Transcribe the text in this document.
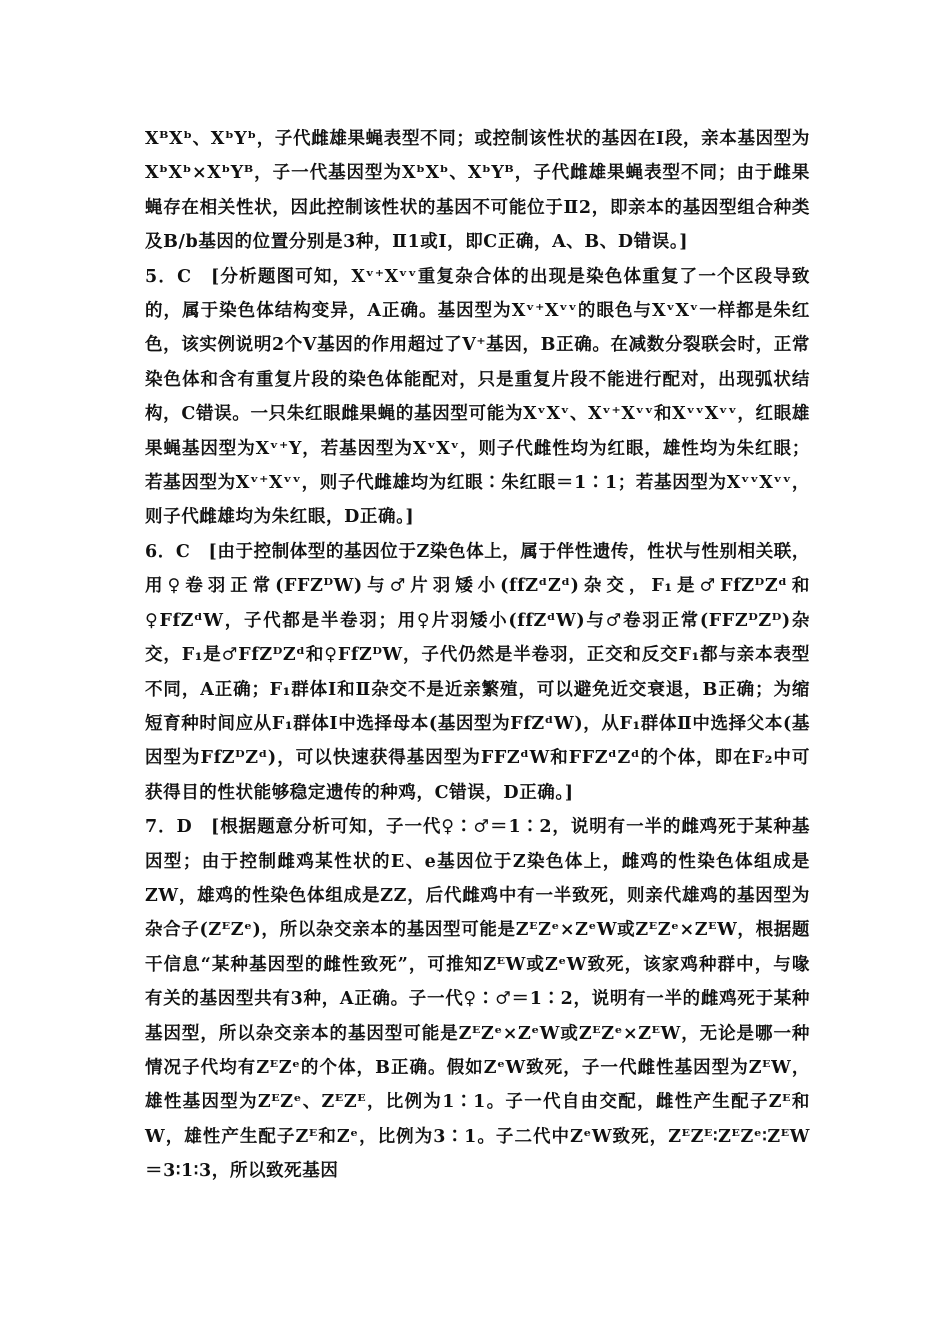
XᴮXᵇ、XᵇYᵇ，子代雌雄果蝇表型不同；或控制该性状的基因在Ⅰ段，亲本基因型为XᵇXᵇ×XᵇYᴮ，子一代基因型为XᵇXᵇ、XᵇYᴮ，子代雌雄果蝇表型不同；由于雌果蝇存在相关性状，因此控制该性状的基因不可能位于Ⅱ2，即亲本的基因型组合种类及B/b基因的位置分别是3种，Ⅱ1或Ⅰ，即C正确，A、B、D错误。]

5．C　[分析题图可知，Xᵛ⁺Xᵛᵛ重复杂合体的出现是染色体重复了一个区段导致的，属于染色体结构变异，A正确。基因型为Xᵛ⁺Xᵛᵛ的眼色与XᵛXᵛ一样都是朱红色，该实例说明2个V基因的作用超过了V⁺基因，B正确。在减数分裂联会时，正常染色体和含有重复片段的染色体能配对，只是重复片段不能进行配对，出现弧状结构，C错误。一只朱红眼雌果蝇的基因型可能为XᵛXᵛ、Xᵛ⁺Xᵛᵛ和XᵛᵛXᵛᵛ，红眼雄果蝇基因型为Xᵛ⁺Y，若基因型为XᵛXᵛ，则子代雌性均为红眼，雄性均为朱红眼；若基因型为Xᵛ⁺Xᵛᵛ，则子代雌雄均为红眼∶朱红眼＝1∶1；若基因型为XᵛᵛXᵛᵛ，则子代雌雄均为朱红眼，D正确。]

6．C　[由于控制体型的基因位于Z染色体上，属于伴性遗传，性状与性别相关联，用♀卷羽正常(FFZᴰW)与♂片羽矮小(ffZᵈZᵈ)杂交，F₁是♂FfZᴰZᵈ和♀FfZᵈW，子代都是半卷羽；用♀片羽矮小(ffZᵈW)与♂卷羽正常(FFZᴰZᴰ)杂交，F₁是♂FfZᴰZᵈ和♀FfZᴰW，子代仍然是半卷羽，正交和反交F₁都与亲本表型不同，A正确；F₁群体Ⅰ和Ⅱ杂交不是近亲繁殖，可以避免近交衰退，B正确；为缩短育种时间应从F₁群体Ⅰ中选择母本(基因型为FfZᵈW)，从F₁群体Ⅱ中选择父本(基因型为FfZᴰZᵈ)，可以快速获得基因型为FFZᵈW和FFZᵈZᵈ的个体，即在F₂中可获得目的性状能够稳定遗传的种鸡，C错误，D正确。]

7．D　[根据题意分析可知，子一代♀∶♂＝1∶2，说明有一半的雌鸡死于某种基因型；由于控制雌鸡某性状的E、e基因位于Z染色体上，雌鸡的性染色体组成是ZW，雄鸡的性染色体组成是ZZ，后代雌鸡中有一半致死，则亲代雄鸡的基因型为杂合子(ZᴱZᵉ)，所以杂交亲本的基因型可能是ZᴱZᵉ×ZᵉW或ZᴱZᵉ×ZᴱW，根据题干信息“某种基因型的雌性致死”，可推知ZᴱW或ZᵉW致死，该家鸡种群中，与喙有关的基因型共有3种，A正确。子一代♀∶♂＝1∶2，说明有一半的雌鸡死于某种基因型，所以杂交亲本的基因型可能是ZᴱZᵉ×ZᵉW或ZᴱZᵉ×ZᴱW，无论是哪一种情况子代均有ZᴱZᵉ的个体，B正确。假如ZᵉW致死，子一代雌性基因型为ZᴱW，雄性基因型为ZᴱZᵉ、ZᴱZᴱ，比例为1∶1。子一代自由交配，雌性产生配子Zᴱ和W，雄性产生配子Zᴱ和Zᵉ，比例为3∶1。子二代中ZᵉW致死，ZᴱZᴱ∶ZᴱZᵉ∶ZᴱW＝3∶1∶3，所以致死基因
